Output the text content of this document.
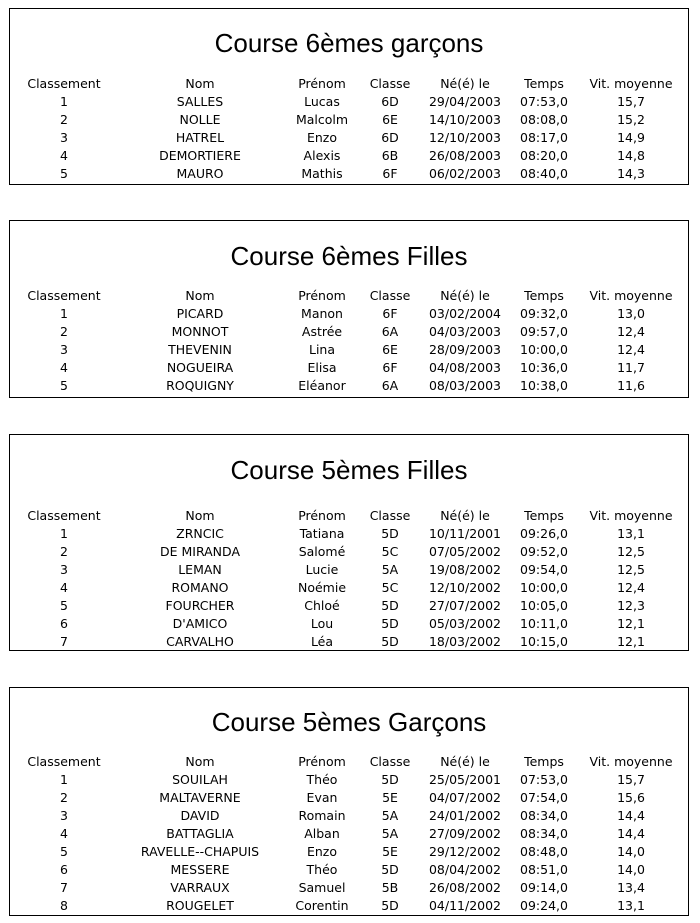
Course 6èmes garçons
Classement	Nom	Prénom	Classe	Né(é) le	Temps	Vit. moyenne
1	SALLES	Lucas	6D	29/04/2003	07:53,0	15,7
2	NOLLE	Malcolm	6E	14/10/2003	08:08,0	15,2
3	HATREL	Enzo	6D	12/10/2003	08:17,0	14,9
4	DEMORTIERE	Alexis	6B	26/08/2003	08:20,0	14,8
5	MAURO	Mathis	6F	06/02/2003	08:40,0	14,3
Course 6èmes Filles
Classement	Nom	Prénom	Classe	Né(é) le	Temps	Vit. moyenne
1	PICARD	Manon	6F	03/02/2004	09:32,0	13,0
2	MONNOT	Astrée	6A	04/03/2003	09:57,0	12,4
3	THEVENIN	Lina	6E	28/09/2003	10:00,0	12,4
4	NOGUEIRA	Elisa	6F	04/08/2003	10:36,0	11,7
5	ROQUIGNY	Eléanor	6A	08/03/2003	10:38,0	11,6
Course 5èmes Filles
Classement	Nom	Prénom	Classe	Né(é) le	Temps	Vit. moyenne
1	ZRNCIC	Tatiana	5D	10/11/2001	09:26,0	13,1
2	DE MIRANDA	Salomé	5C	07/05/2002	09:52,0	12,5
3	LEMAN	Lucie	5A	19/08/2002	09:54,0	12,5
4	ROMANO	Noémie	5C	12/10/2002	10:00,0	12,4
5	FOURCHER	Chloé	5D	27/07/2002	10:05,0	12,3
6	D'AMICO	Lou	5D	05/03/2002	10:11,0	12,1
7	CARVALHO	Léa	5D	18/03/2002	10:15,0	12,1
Course 5èmes Garçons
Classement	Nom	Prénom	Classe	Né(é) le	Temps	Vit. moyenne
1	SOUILAH	Théo	5D	25/05/2001	07:53,0	15,7
2	MALTAVERNE	Evan	5E	04/07/2002	07:54,0	15,6
3	DAVID	Romain	5A	24/01/2002	08:34,0	14,4
4	BATTAGLIA	Alban	5A	27/09/2002	08:34,0	14,4
5	RAVELLE--CHAPUIS	Enzo	5E	29/12/2002	08:48,0	14,0
6	MESSERE	Théo	5D	08/04/2002	08:51,0	14,0
7	VARRAUX	Samuel	5B	26/08/2002	09:14,0	13,4
8	ROUGELET	Corentin	5D	04/11/2002	09:24,0	13,1
